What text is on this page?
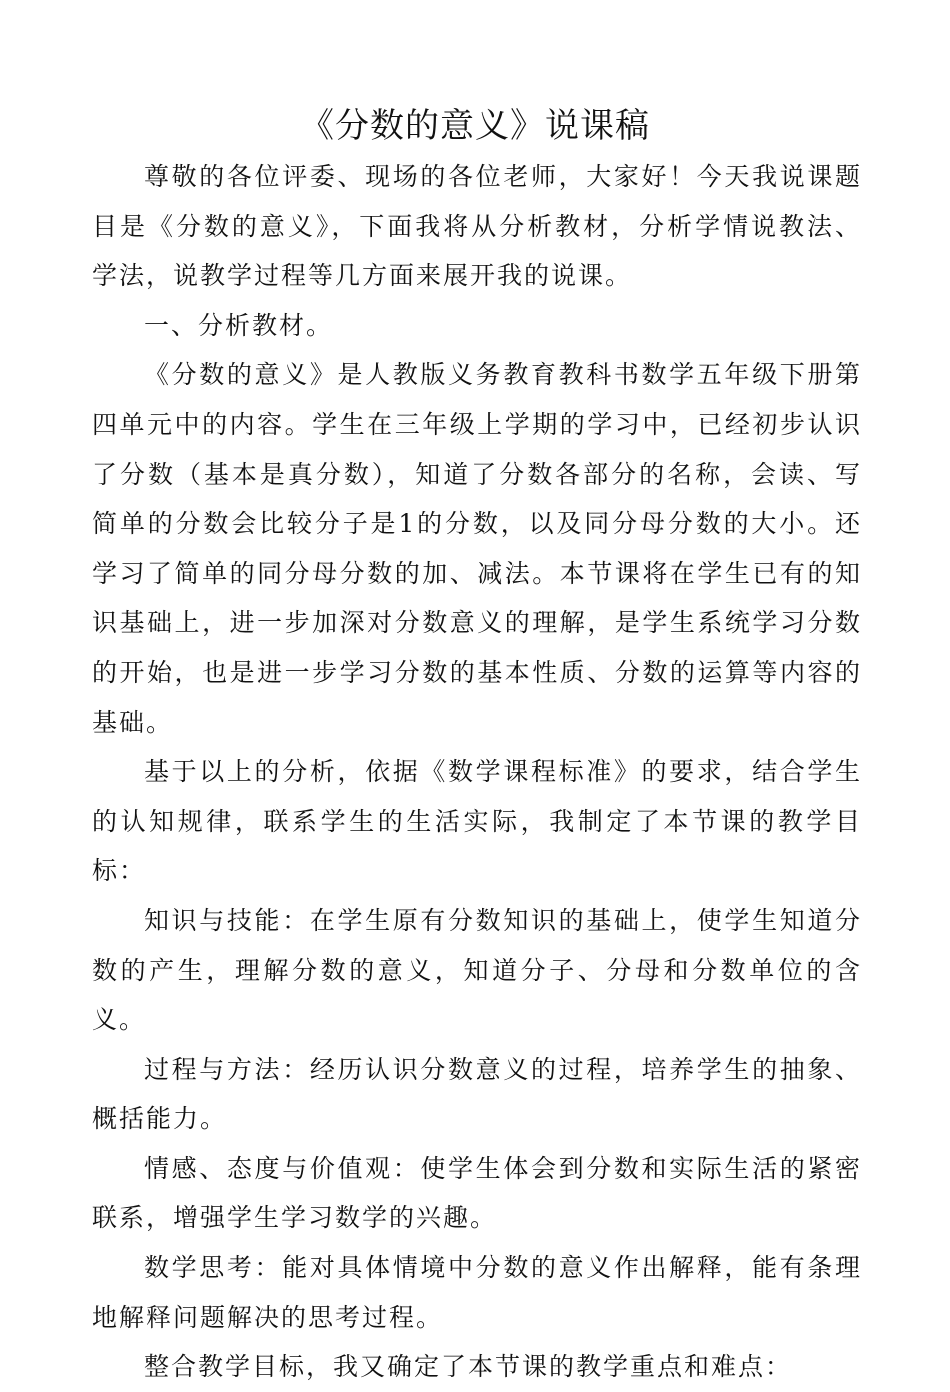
《分数的意义》说课稿

尊敬的各位评委、现场的各位老师，大家好！今天我说课题目是《分数的意义》，下面我将从分析教材，分析学情说教法、学法，说教学过程等几方面来展开我的说课。

一、分析教材。

《分数的意义》是人教版义务教育教科书数学五年级下册第四单元中的内容。学生在三年级上学期的学习中，已经初步认识了分数（基本是真分数），知道了分数各部分的名称，会读、写简单的分数会比较分子是1的分数，以及同分母分数的大小。还学习了简单的同分母分数的加、减法。本节课将在学生已有的知识基础上，进一步加深对分数意义的理解，是学生系统学习分数的开始，也是进一步学习分数的基本性质、分数的运算等内容的基础。

基于以上的分析，依据《数学课程标准》的要求，结合学生的认知规律，联系学生的生活实际，我制定了本节课的教学目标：

知识与技能：在学生原有分数知识的基础上，使学生知道分数的产生，理解分数的意义，知道分子、分母和分数单位的含义。

过程与方法：经历认识分数意义的过程，培养学生的抽象、概括能力。

情感、态度与价值观：使学生体会到分数和实际生活的紧密联系，增强学生学习数学的兴趣。

数学思考：能对具体情境中分数的意义作出解释，能有条理地解释问题解决的思考过程。

整合教学目标，我又确定了本节课的教学重点和难点：
